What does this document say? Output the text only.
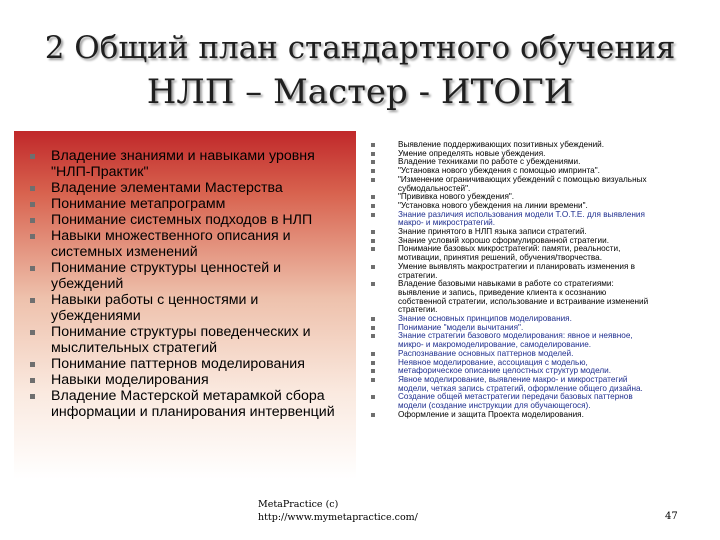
2 Общий план стандартного обучения
НЛП – Мастер - ИТОГИ
Владение знаниями и навыками уровня "НЛП-Практик"
Владение элементами Мастерства
Понимание метапрограмм
Понимание системных подходов в НЛП
Навыки множественного описания и системных изменений
Понимание структуры ценностей и убеждений
Навыки работы с ценностями и убеждениями
Понимание структуры поведенческих и мыслительных стратегий
Понимание паттернов моделирования
Навыки моделирования
Владение Мастерской метарамкой сбора информации и планирования интервенций
Выявление поддерживающих позитивных убеждений.
Умение определять новые убеждения.
Владение техниками по работе с убеждениями.
"Установка нового убеждения с помощью импринта".
"Изменение ограничивающих убеждений с помощью визуальных субмодальностей".
"Прививка нового убеждения".
"Установка нового убеждения на линии времени".
Знание различия использования модели Т.О.Т.Е. для выявления макро- и микростратегий.
Знание принятого в НЛП языка записи стратегий.
Знание условий хорошо сформулированной стратегии.
Понимание базовых микростратегий: памяти, реальности, мотивации, принятия решений, обучения/творчества.
Умение выявлять макростратегии и планировать изменения в стратегии.
Владение базовыми навыками в работе со стратегиями: выявление и запись, приведение клиента к осознанию собственной стратегии, использование и встраивание изменений стратегии.
Знание основных принципов моделирования.
Понимание "модели вычитания".
Знание стратегии базового моделирования: явное и неявное, микро- и макромоделирование, самоделирование.
Распознавание основных паттернов моделей.
Неявное моделирование, ассоциация с моделью,
метафорическое описание целостных структур модели.
Явное моделирование, выявление макро- и микростратегий модели, четкая запись стратегий, оформление общего дизайна.
Создание общей метастратегии передачи базовых паттернов модели (создание инструкции для обучающегося).
Оформление и защита Проекта моделирования.
MetaPractice (c)
http://www.mymetapractice.com/	47
